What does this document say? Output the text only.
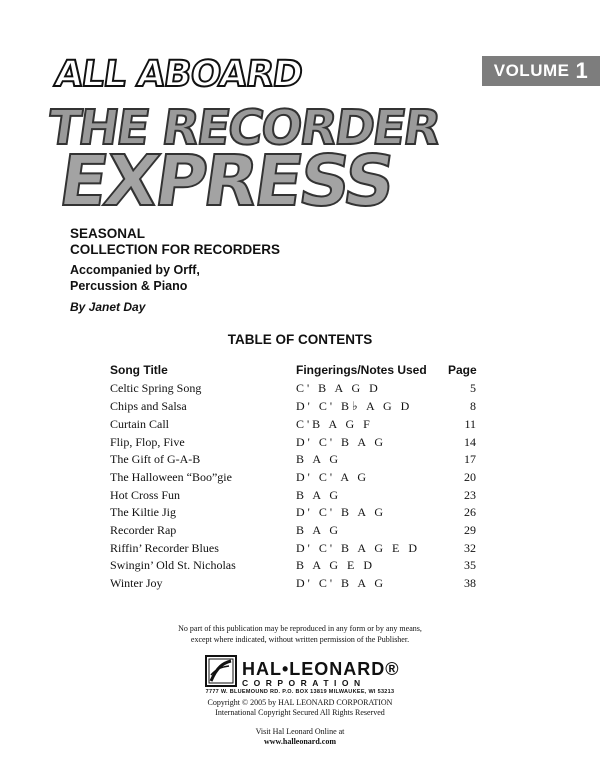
VOLUME 1
ALL ABOARD
THE RECORDER
EXPRESS
SEASONAL
COLLECTION FOR RECORDERS
Accompanied by Orff,
Percussion & Piano
By Janet Day
TABLE OF CONTENTS
Song Title	Fingerings/Notes Used Page
Celtic Spring Song	C' B A G D	5
Chips and Salsa	D' C' B♭ A G D	8
Curtain Call	C'B A G F	11
Flip, Flop, Five	D' C' B A G	14
The Gift of G-A-B	B A G	17
The Halloween “Boo”gie	D' C' A G	20
Hot Cross Fun	B A G	23
The Kiltie Jig	D' C' B A G	26
Recorder Rap	B A G	29
Riffin’ Recorder Blues	D' C' B A G E D	32
Swingin’ Old St. Nicholas	B A G E D	35
Winter Joy	D' C' B A G	38
No part of this publication may be reproduced in any form or by any means,
except where indicated, without written permission of the Publisher.
HAL•LEONARD®
CORPORATION
7777 W. BLUEMOUND RD. P.O. BOX 13819 MILWAUKEE, WI 53213
Copyright © 2005 by HAL LEONARD CORPORATION
International Copyright Secured All Rights Reserved
Visit Hal Leonard Online at
www.halleonard.com
